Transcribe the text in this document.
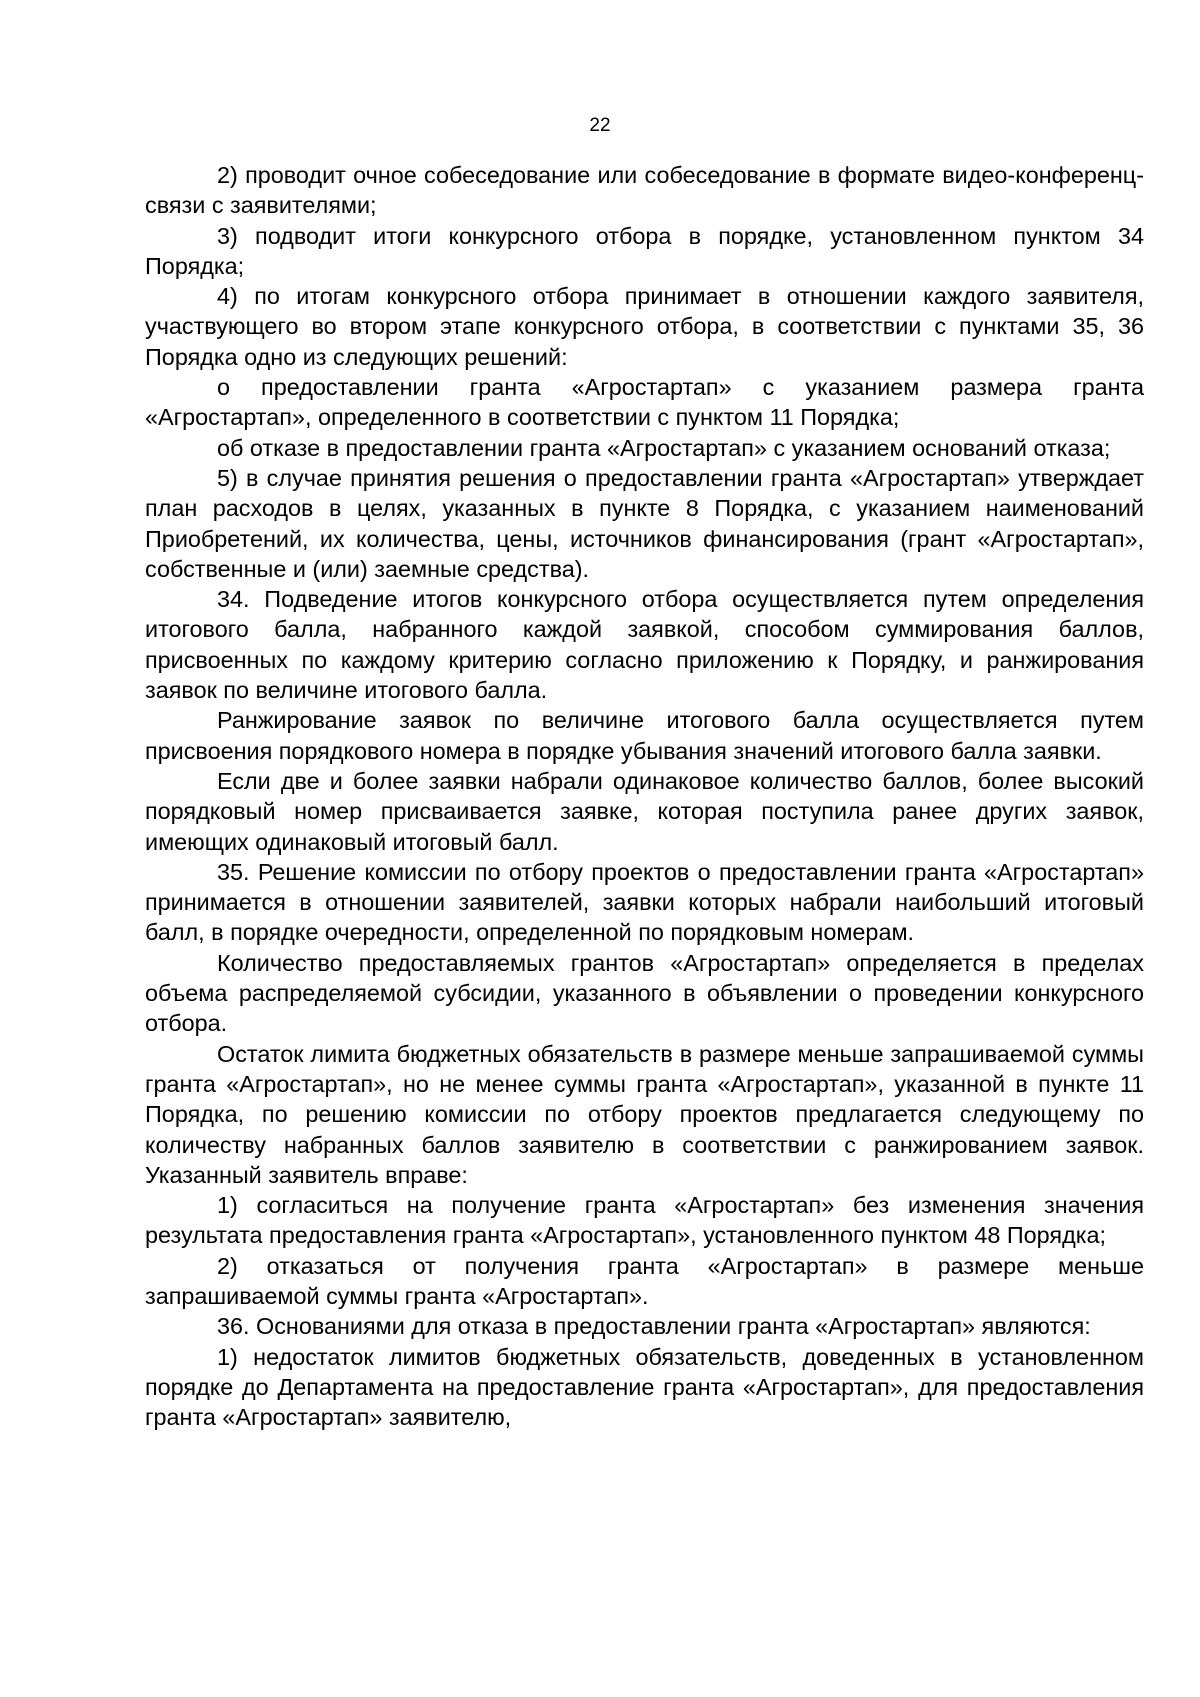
22

2) проводит очное собеседование или собеседование в формате видео-конференц-связи с заявителями;

3) подводит итоги конкурсного отбора в порядке, установленном пунктом 34 Порядка;

4) по итогам конкурсного отбора принимает в отношении каждого заявителя, участвующего во втором этапе конкурсного отбора, в соответствии с пунктами 35, 36 Порядка одно из следующих решений:

о предоставлении гранта «Агростартап» с указанием размера гранта «Агростартап», определенного в соответствии с пунктом 11 Порядка;

об отказе в предоставлении гранта «Агростартап» с указанием оснований отказа;

5) в случае принятия решения о предоставлении гранта «Агростартап» утверждает план расходов в целях, указанных в пункте 8 Порядка, с указанием наименований Приобретений, их количества, цены, источников финансирования (грант «Агростартап», собственные и (или) заемные средства).

34. Подведение итогов конкурсного отбора осуществляется путем определения итогового балла, набранного каждой заявкой, способом суммирования баллов, присвоенных по каждому критерию согласно приложению к Порядку, и ранжирования заявок по величине итогового балла.

Ранжирование заявок по величине итогового балла осуществляется путем присвоения порядкового номера в порядке убывания значений итогового балла заявки.

Если две и более заявки набрали одинаковое количество баллов, более высокий порядковый номер присваивается заявке, которая поступила ранее других заявок, имеющих одинаковый итоговый балл.

35. Решение комиссии по отбору проектов о предоставлении гранта «Агростартап» принимается в отношении заявителей, заявки которых набрали наибольший итоговый балл, в порядке очередности, определенной по порядковым номерам.

Количество предоставляемых грантов «Агростартап» определяется в пределах объема распределяемой субсидии, указанного в объявлении о проведении конкурсного отбора.

Остаток лимита бюджетных обязательств в размере меньше запрашиваемой суммы гранта «Агростартап», но не менее суммы гранта «Агростартап», указанной в пункте 11 Порядка, по решению комиссии по отбору проектов предлагается следующему по количеству набранных баллов заявителю в соответствии с ранжированием заявок. Указанный заявитель вправе:

1) согласиться на получение гранта «Агростартап» без изменения значения результата предоставления гранта «Агростартап», установленного пунктом 48 Порядка;

2) отказаться от получения гранта «Агростартап» в размере меньше запрашиваемой суммы гранта «Агростартап».

36. Основаниями для отказа в предоставлении гранта «Агростартап» являются:

1) недостаток лимитов бюджетных обязательств, доведенных в установленном порядке до Департамента на предоставление гранта «Агростартап», для предоставления гранта «Агростартап» заявителю,
